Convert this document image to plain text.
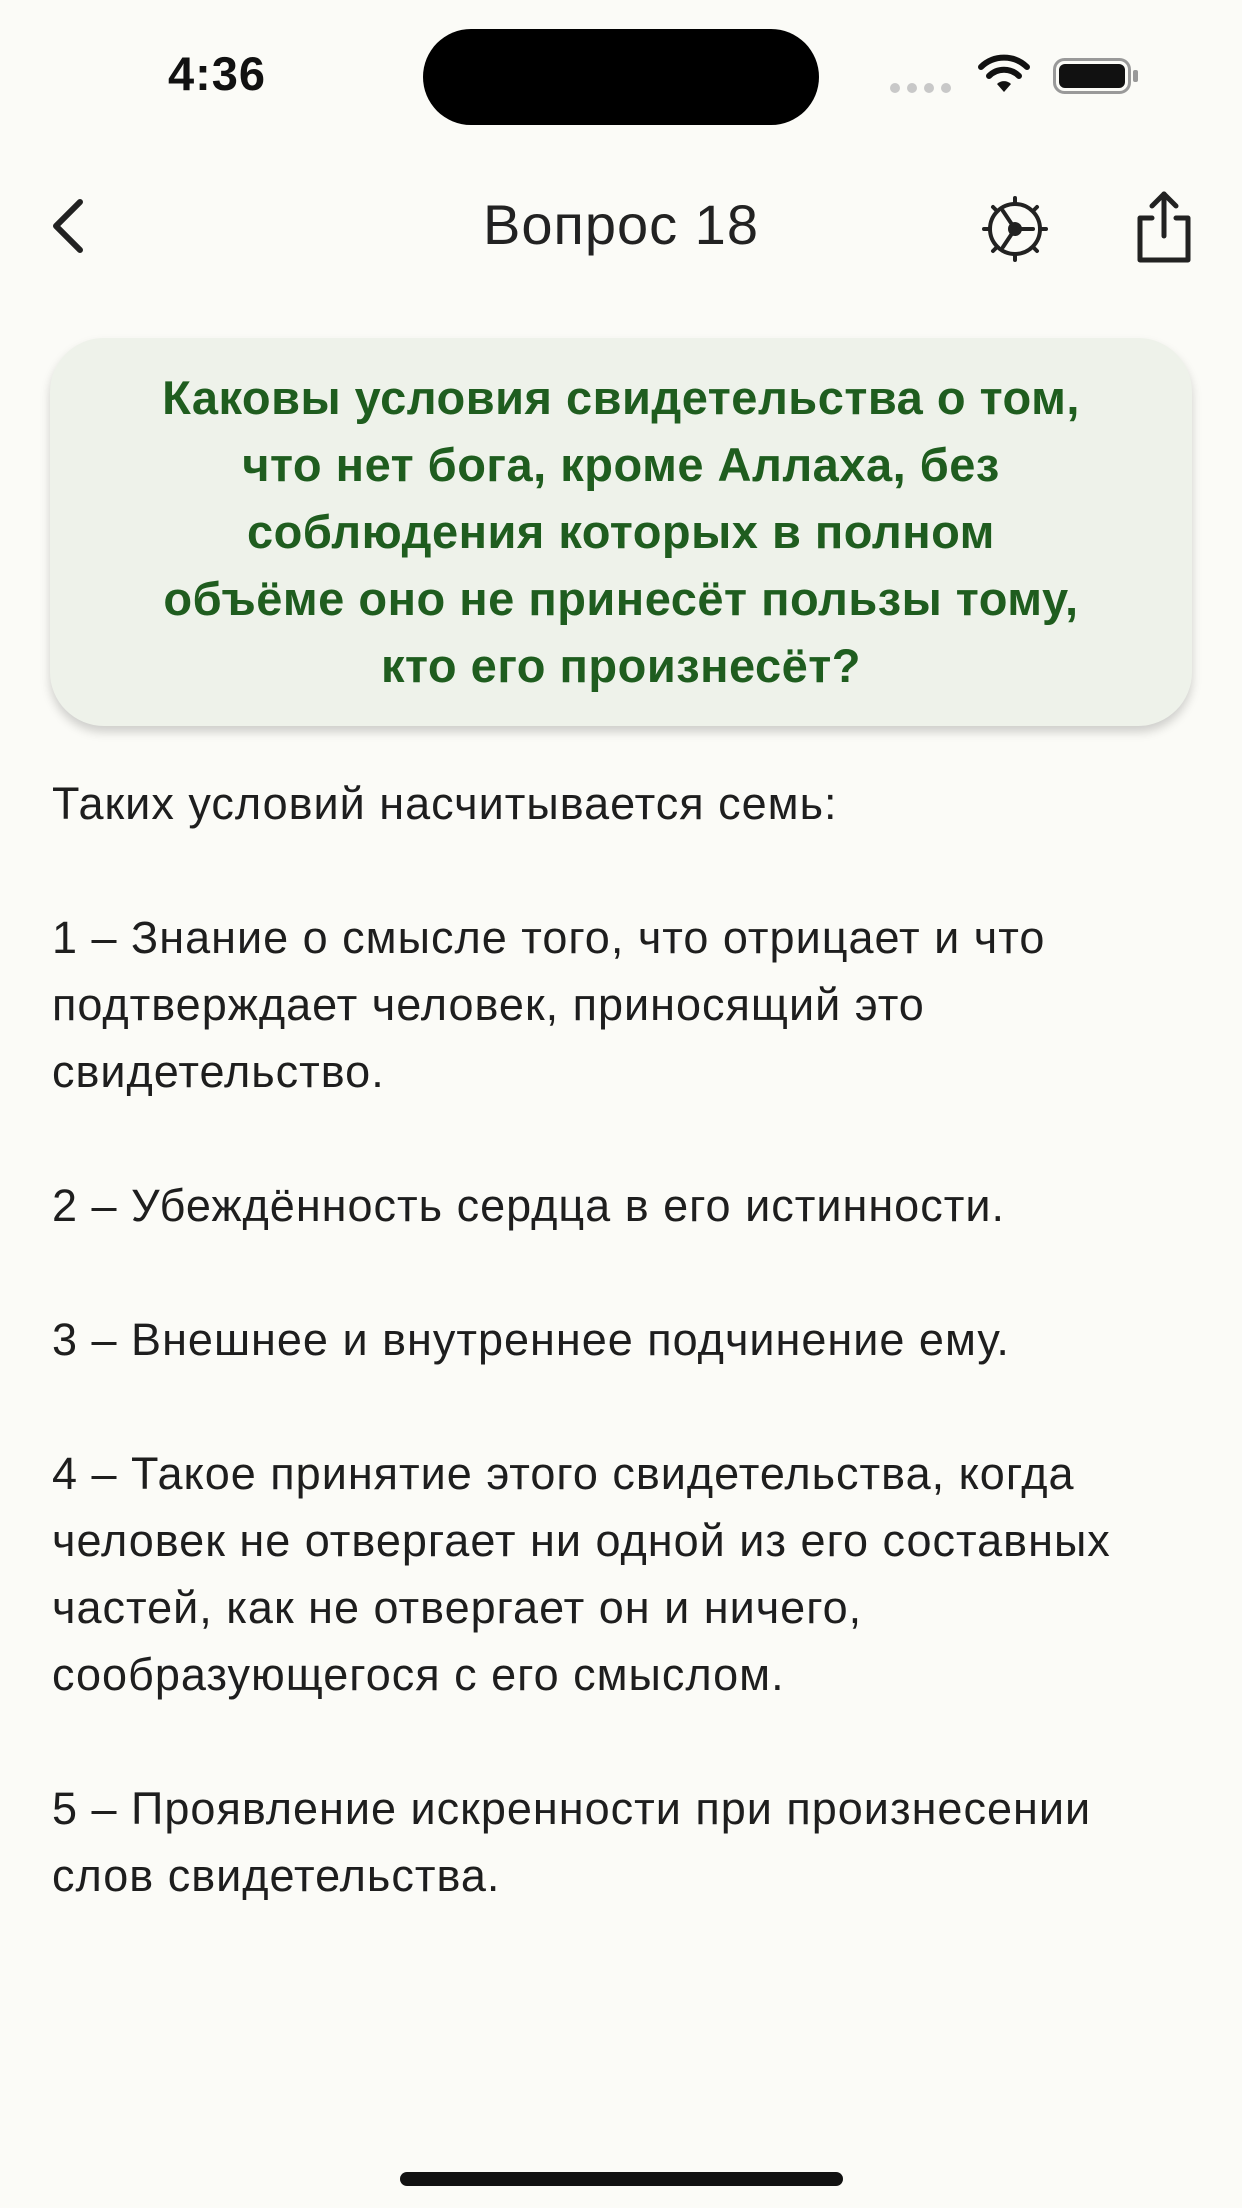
4:36
Вопрос 18

Каковы условия свидетельства о том,
что нет бога, кроме Аллаха, без
соблюдения которых в полном
объёме оно не принесёт пользы тому,
кто его произнесёт?

Таких условий насчитывается семь:

1 – Знание о смысле того, что отрицает и что подтверждает человек, приносящий это свидетельство.

2 – Убеждённость сердца в его истинности.

3 – Внешнее и внутреннее подчинение ему.

4 – Такое принятие этого свидетельства, когда человек не отвергает ни одной из его составных частей, как не отвергает он и ничего, сообразующегося с его смыслом.

5 – Проявление искренности при произнесении слов свидетельства.
